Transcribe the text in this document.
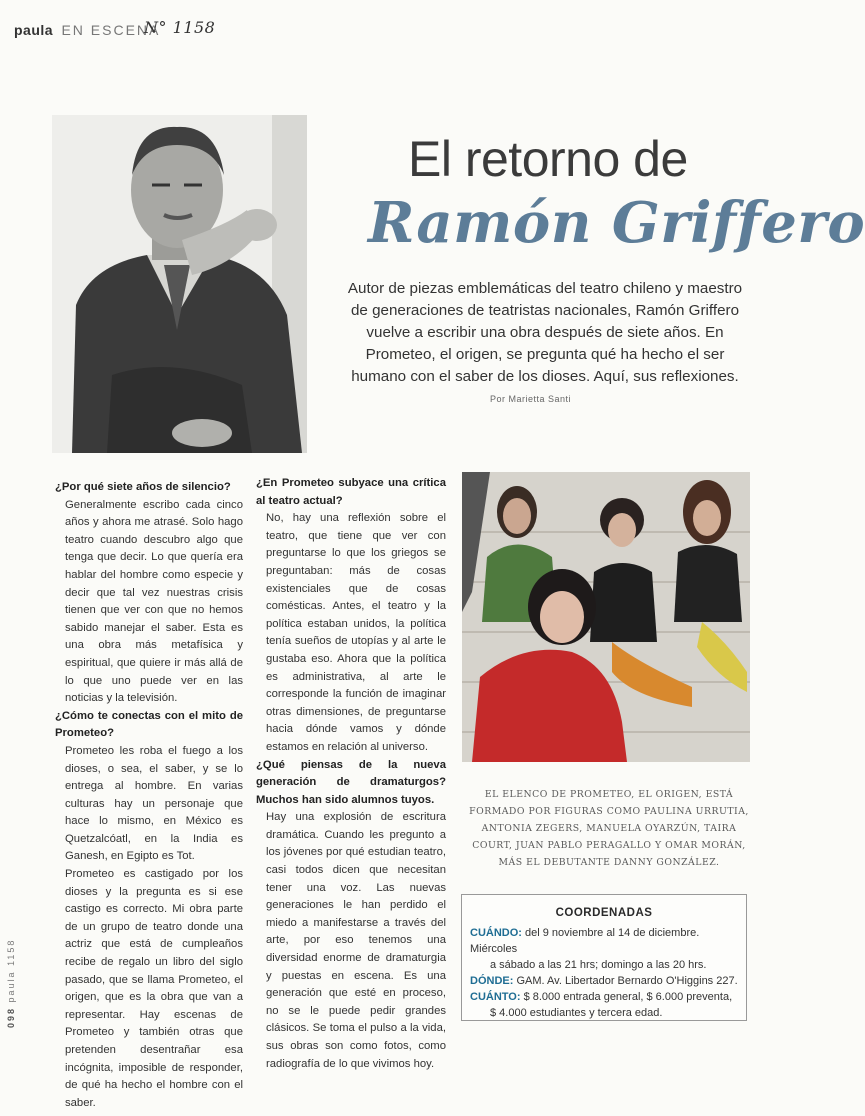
paula EN ESCENA
N° 1158
El retorno de
Ramón Griffero
Autor de piezas emblemáticas del teatro chileno y maestro
de generaciones de teatristas nacionales, Ramón Griffero
vuelve a escribir una obra después de siete años. En
Prometeo, el origen, se pregunta qué ha hecho el ser
humano con el saber de los dioses. Aquí, sus reflexiones.
Por Marietta Santi

¿Por qué siete años de silencio?

Generalmente escribo cada cinco años y ahora me atrasé. Solo hago teatro cuando descubro algo que tenga que decir. Lo que quería era hablar del hombre como especie y decir que tal vez nuestras crisis tienen que ver con que no hemos sabido manejar el saber. Esta es una obra más metafísica y espiritual, que quiere ir más allá de lo que uno puede ver en las noticias y la televisión.

¿Cómo te conectas con el mito de Prometeo?

Prometeo les roba el fuego a los dioses, o sea, el saber, y se lo entrega al hombre. En varias culturas hay un personaje que hace lo mismo, en México es Quetzalcóatl, en la India es Ganesh, en Egipto es Tot.

Prometeo es castigado por los dioses y la pregunta es si ese castigo es correcto. Mi obra parte de un grupo de teatro donde una actriz que está de cumpleaños recibe de regalo un libro del siglo pasado, que se llama Prometeo, el origen, que es la obra que van a representar. Hay escenas de Prometeo y también otras que pretenden desentrañar esa incógnita, imposible de responder, de qué ha hecho el hombre con el saber.

¿En Prometeo subyace una crítica al teatro actual?

No, hay una reflexión sobre el teatro, que tiene que ver con preguntarse lo que los griegos se preguntaban: más de cosas existenciales que de cosas comésticas. Antes, el teatro y la política estaban unidos, la política tenía sueños de utopías y al arte le gustaba eso. Ahora que la política es administrativa, al arte le corresponde la función de imaginar otras dimensiones, de preguntarse hacia dónde vamos y dónde estamos en relación al universo.

¿Qué piensas de la nueva generación de dramaturgos? Muchos han sido alumnos tuyos.

Hay una explosión de escritura dramática. Cuando les pregunto a los jóvenes por qué estudian teatro, casi todos dicen que necesitan tener una voz. Las nuevas generaciones le han perdido el miedo a manifestarse a través del arte, por eso tenemos una diversidad enorme de dramaturgia y puestas en escena. Es una generación que esté en proceso, no se le puede pedir grandes clásicos. Se toma el pulso a la vida, sus obras son como fotos, como radiografía de lo que vivimos hoy.

EL ELENCO DE PROMETEO, EL ORIGEN, ESTÁ FORMADO POR FIGURAS COMO PAULINA URRUTIA, ANTONIA ZEGERS, MANUELA OYARZÚN, TAIRA COURT, JUAN PABLO PERAGALLO Y OMAR MORÁN, MÁS EL DEBUTANTE DANNY GONZÁLEZ.
COORDENADAS
CUÁNDO: del 9 noviembre al 14 de diciembre. Miércoles
a sábado a las 21 hrs; domingo a las 20 hrs.
DÓNDE: GAM. Av. Libertador Bernardo O'Higgins 227.
CUÁNTO: $ 8.000 entrada general, $ 6.000 preventa,
$ 4.000 estudiantes y tercera edad.
098 paula 1158
